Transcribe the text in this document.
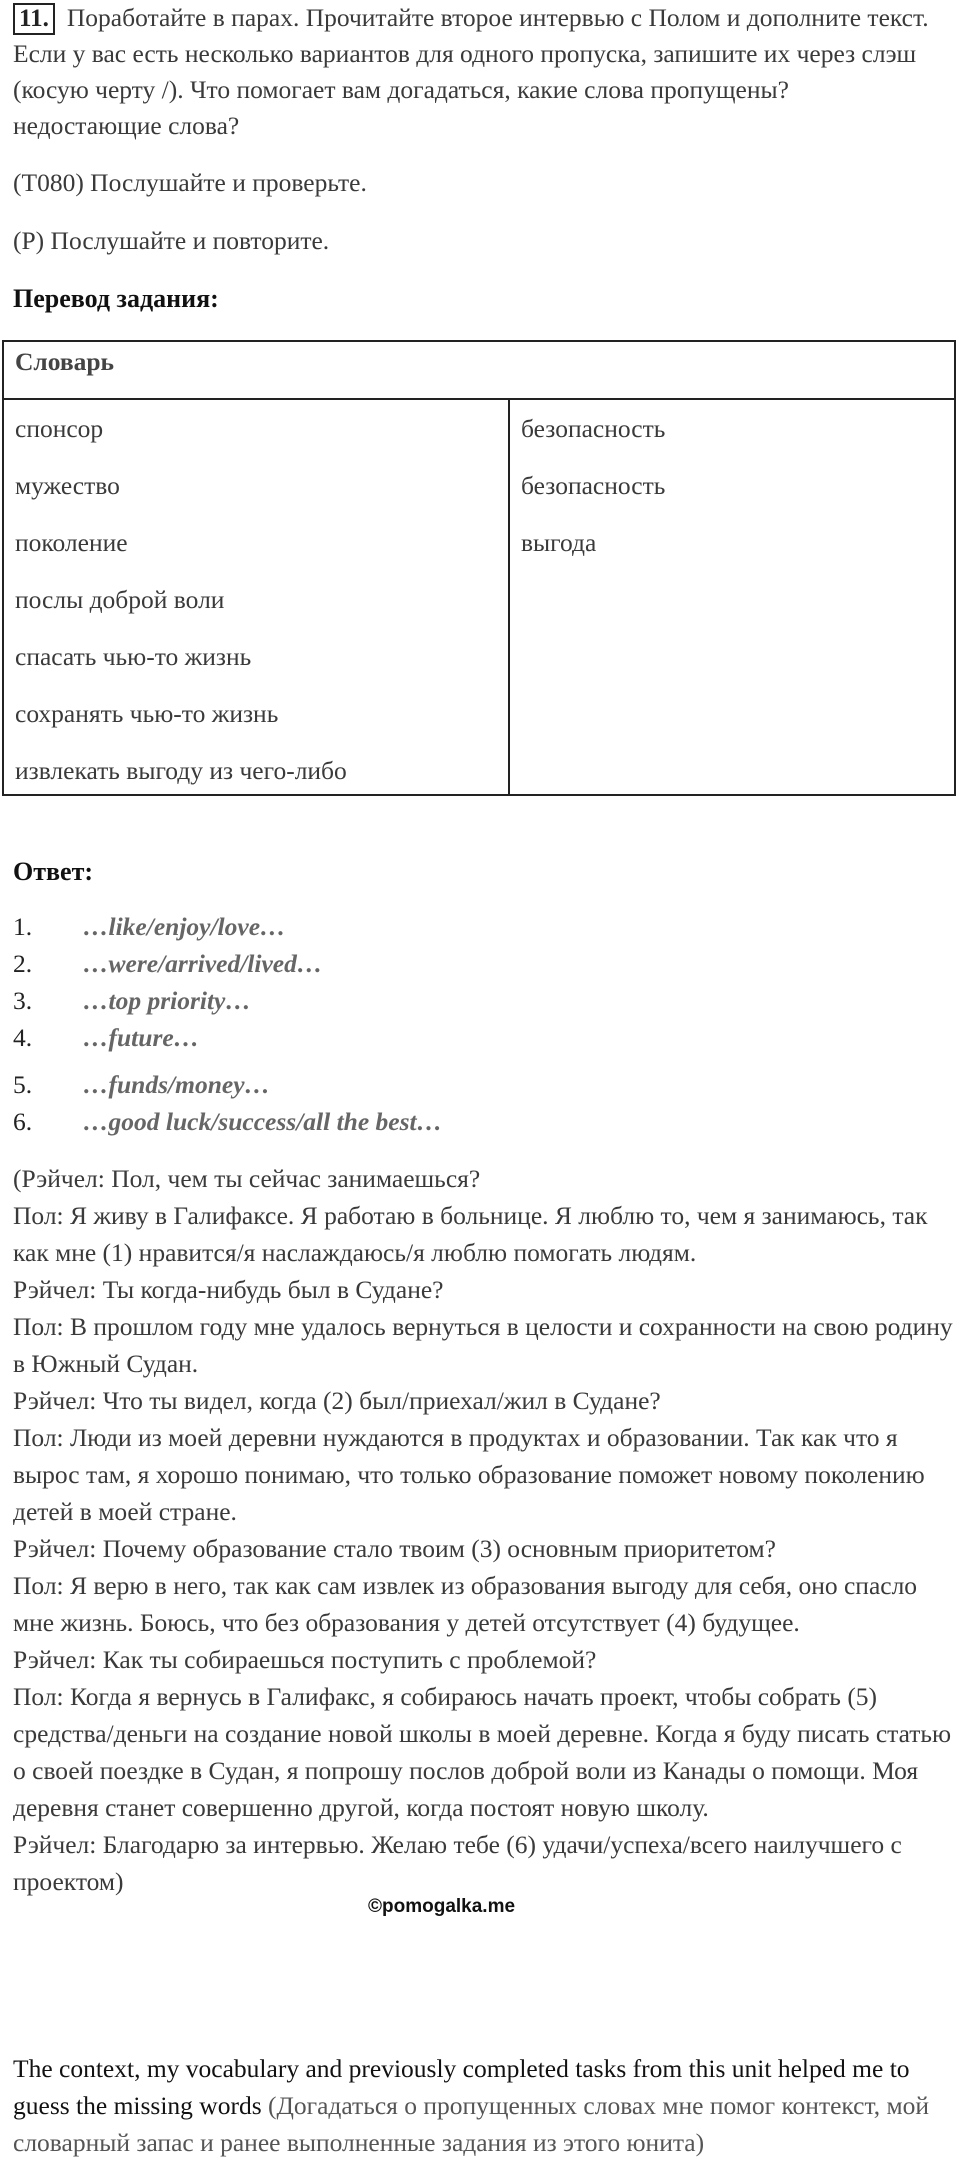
11. Поработайте в парах. Прочитайте второе интервью с Полом и дополните текст. Если у вас есть несколько вариантов для одного пропуска, запишите их через слэш (косую черту /). Что помогает вам догадаться, какие слова пропущены? недостающие слова?
(T080) Послушайте и проверьте.
(P) Послушайте и повторите.
Перевод задания:
Словарь
спонсор
мужество
поколение
послы доброй воли
спасать чью-то жизнь
сохранять чью-то жизнь
извлекать выгоду из чего-либо
безопасность
безопасность
выгода
Ответ:
1. …like/enjoy/love…
2. …were/arrived/lived…
3. …top priority…
4. …future…
5. …funds/money…
6. …good luck/success/all the best…

(Рэйчел: Пол, чем ты сейчас занимаешься?

Пол: Я живу в Галифаксе. Я работаю в больнице. Я люблю то, чем я занимаюсь, так как мне (1) нравится/я наслаждаюсь/я люблю помогать людям.

Рэйчел: Ты когда-нибудь был в Судане?

Пол: В прошлом году мне удалось вернуться в целости и сохранности на свою родину в Южный Судан.

Рэйчел: Что ты видел, когда (2) был/приехал/жил в Судане?

Пол: Люди из моей деревни нуждаются в продуктах и образовании. Так как что я вырос там, я хорошо понимаю, что только образование поможет новому поколению детей в моей стране.

Рэйчел: Почему образование стало твоим (3) основным приоритетом?

Пол: Я верю в него, так как сам извлек из образования выгоду для себя, оно спасло мне жизнь. Боюсь, что без образования у детей отсутствует (4) будущее.

Рэйчел: Как ты собираешься поступить с проблемой?

Пол: Когда я вернусь в Галифакс, я собираюсь начать проект, чтобы собрать (5) средства/деньги на создание новой школы в моей деревне. Когда я буду писать статью о своей поездке в Судан, я попрошу послов доброй воли из Канады о помощи. Моя деревня станет совершенно другой, когда постоят новую школу.

Рэйчел: Благодарю за интервью. Желаю тебе (6) удачи/успеха/всего наилучшего с проектом)

©pomogalka.me
The context, my vocabulary and previously completed tasks from this unit helped me to guess the missing words (Догадаться о пропущенных словах мне помог контекст, мой словарный запас и ранее выполненные задания из этого юнита)
